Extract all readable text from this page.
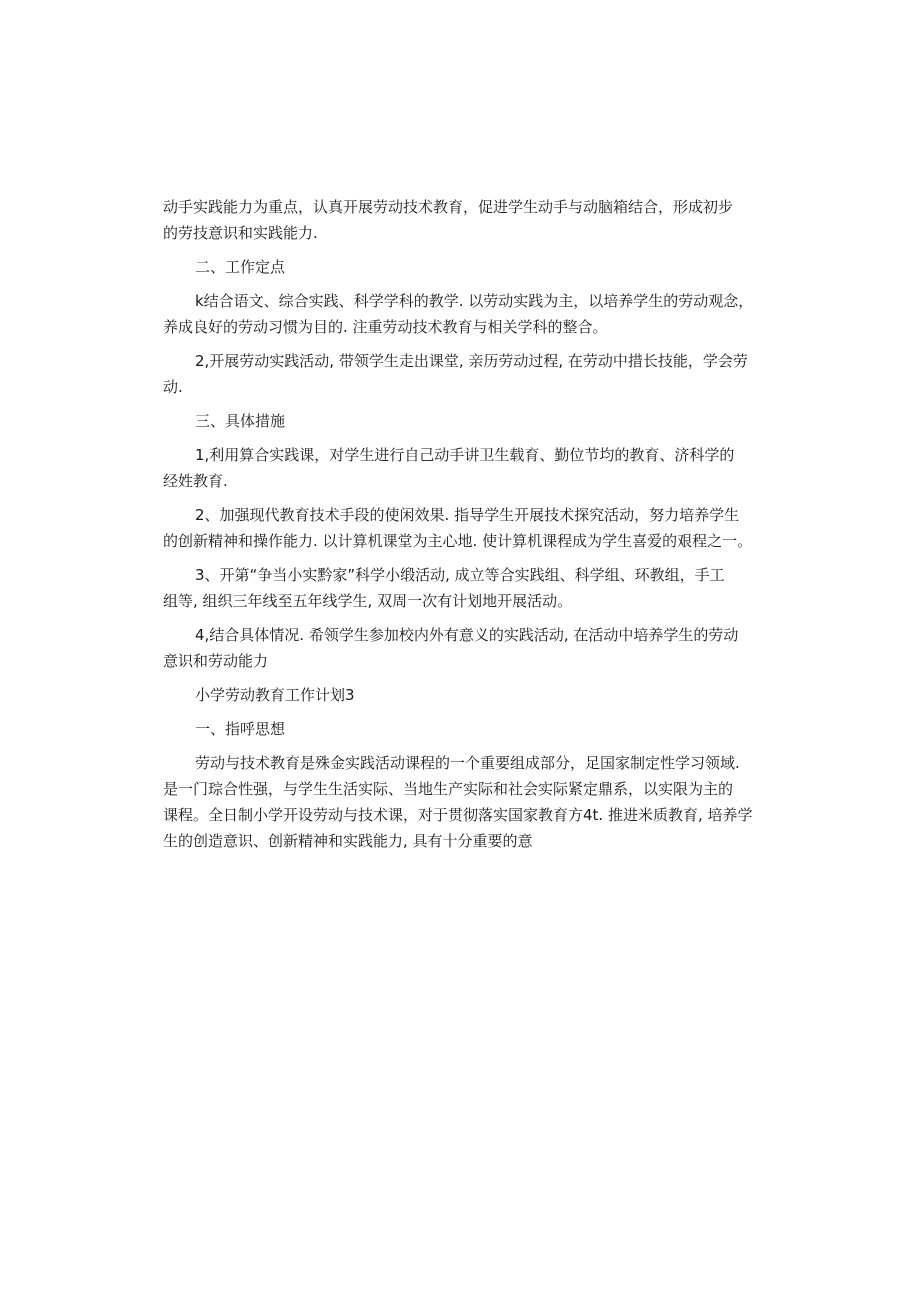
动手实践能力为重点，认真开展劳动技术教育，促进学生动手与动脑箱结合，形成初步
的劳技意识和实践能力.
二、工作定点
k结合语文、综合实践、科学学科的教学. 以劳动实践为主，以培养学生的劳动观念，
养成良好的劳动习惯为目的. 注重劳动技术教育与相关学科的整合。
2,开展劳动实践活动, 带领学生走出课堂, 亲历劳动过程, 在劳动中措长技能，学会劳
动.
三、具体措施
1,利用算合实践课，对学生进行自己动手讲卫生载育、勤位节均的教育、济科学的
经姓教育.
2、加强现代教育技术手段的使闲效果. 指导学生开展技术探究活动，努力培养学生
的创新精神和操作能力. 以计算机课堂为主心地. 使计算机课程成为学生喜爱的艰程之一。
3、开第“争当小实黔家”科学小缎活动, 成立等合实践组、科学组、环教组，手工
组等, 组织三年线至五年线学生, 双周一次有计划地开展活动。
4,结合具体情况. 希领学生参加校内外有意义的实践活动, 在活动中培养学生的劳动
意识和劳动能力
小学劳动教育工作计划3
一、指呼思想
劳动与技术教育是殊金实践活动课程的一个重要组成部分，足国家制定性学习领域.
是一门琮合性强，与学生生活实际、当地生产实际和社会实际紧定鼎系，以实限为主的
课程。全日制小学开设劳动与技术课，对于贯彻落实国家教育方4t. 推进米质教育, 培养学
生的创造意识、创新精神和实践能力, 具有十分重要的意
